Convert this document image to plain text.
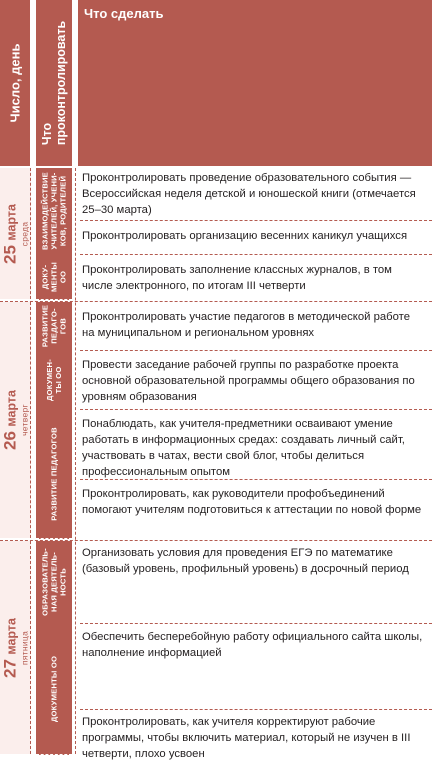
Число, день
Что
проконтролировать
Что сделать
25 марта среда
26 марта четверг
27 марта пятница
ВЗАИМОДЕЙСТВИЕ
УЧИТЕЛЕЙ, УЧЕНИ-
КОВ, РОДИТЕЛЕЙ
ДОКУ-
МЕНТЫ
ОО
РАЗВИТИЕ
ПЕДАГО-
ГОВ
ДОКУМЕН-
ТЫ ОО
РАЗВИТИЕ ПЕДАГОГОВ
ОБРАЗОВАТЕЛЬ-
НАЯ ДЕЯТЕЛЬ-
НОСТЬ
ДОКУМЕНТЫ ОО
Проконтролировать проведение образовательного события — Всероссийская неделя детской и юношеской книги (отмечается 25–30 марта)
Проконтролировать организацию весенних каникул учащихся
Проконтролировать заполнение классных журналов, в том числе электронного, по итогам III четверти
Проконтролировать участие педагогов в методической работе на муниципальном и региональном уровнях
Провести заседание рабочей группы по разработке проекта основной образовательной программы общего образования по уровням образования
Понаблюдать, как учителя-предметники осваивают умение работать в информационных средах: создавать личный сайт, участвовать в чатах, вести свой блог, чтобы делиться профессиональным опытом
Проконтролировать, как руководители профобъединений помогают учителям подготовиться к аттестации по новой форме
Организовать условия для проведения ЕГЭ по математике (базовый уровень, профильный уровень) в досрочный период
Обеспечить бесперебойную работу официального сайта школы, наполнение информацией
Проконтролировать, как учителя корректируют рабочие программы, чтобы включить материал, который не изучен в III четверти, плохо усвоен
